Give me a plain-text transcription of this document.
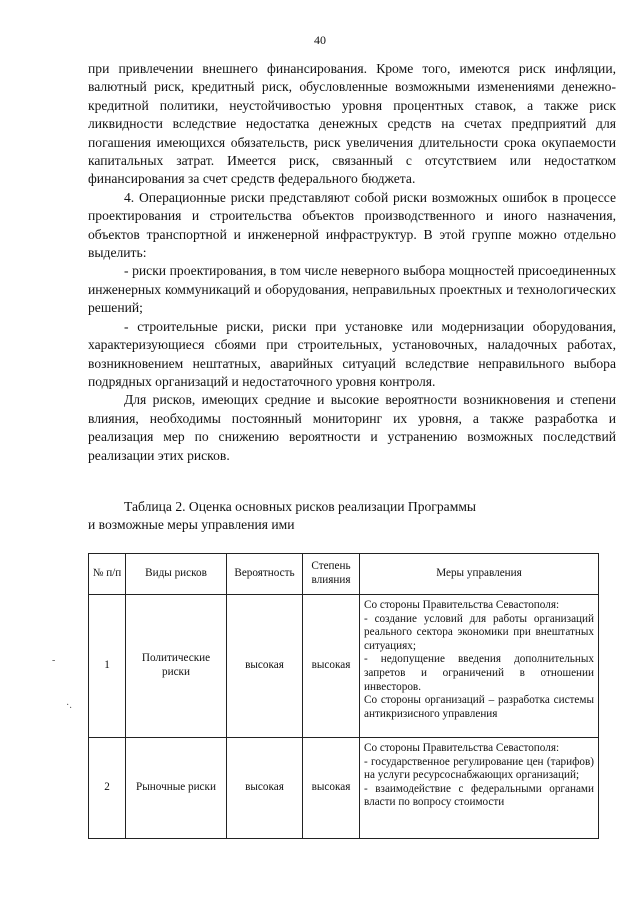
40

при привлечении внешнего финансирования. Кроме того, имеются риск инфляции, валютный риск, кредитный риск, обусловленные возможными изменениями денежно-кредитной политики, неустойчивостью уровня процентных ставок, а также риск ликвидности вследствие недостатка денежных средств на счетах предприятий для погашения имеющихся обязательств, риск увеличения длительности срока окупаемости капитальных затрат. Имеется риск, связанный с отсутствием или недостатком финансирования за счет средств федерального бюджета.

4. Операционные риски представляют собой риски возможных ошибок в процессе проектирования и строительства объектов производственного и иного назначения, объектов транспортной и инженерной инфраструктур. В этой группе можно отдельно выделить:

- риски проектирования, в том числе неверного выбора мощностей присоединенных инженерных коммуникаций и оборудования, неправильных проектных и технологических решений;

- строительные риски, риски при установке или модернизации оборудования, характеризующиеся сбоями при строительных, установочных, наладочных работах, возникновением нештатных, аварийных ситуаций вследствие неправильного выбора подрядных организаций и недостаточного уровня контроля.

Для рисков, имеющих средние и высокие вероятности возникновения и степени влияния, необходимы постоянный мониторинг их уровня, а также разработка и реализация мер по снижению вероятности и устранению возможных последствий реализации этих рисков.

Таблица 2. Оценка основных рисков реализации Программы

и возможные меры управления ими

№ п/п	Виды рисков	Вероятность	Степень влияния	Меры управления
1	Политические риски	высокая	высокая	Со стороны Правительства Севастополя:
- создание условий для работы организаций реального сектора экономики при внештатных ситуациях;
- недопущение введения дополнительных запретов и ограничений в отношении инвесторов.
Со стороны организаций – разработка системы антикризисного управления

2	Рыночные риски	высокая	высокая	Со стороны Правительства Севастополя:
- государственное регулирование цен (тарифов) на услуги ресурсоснабжающих организаций;
- взаимодействие с федеральными органами власти по вопросу стоимости
-
·.
